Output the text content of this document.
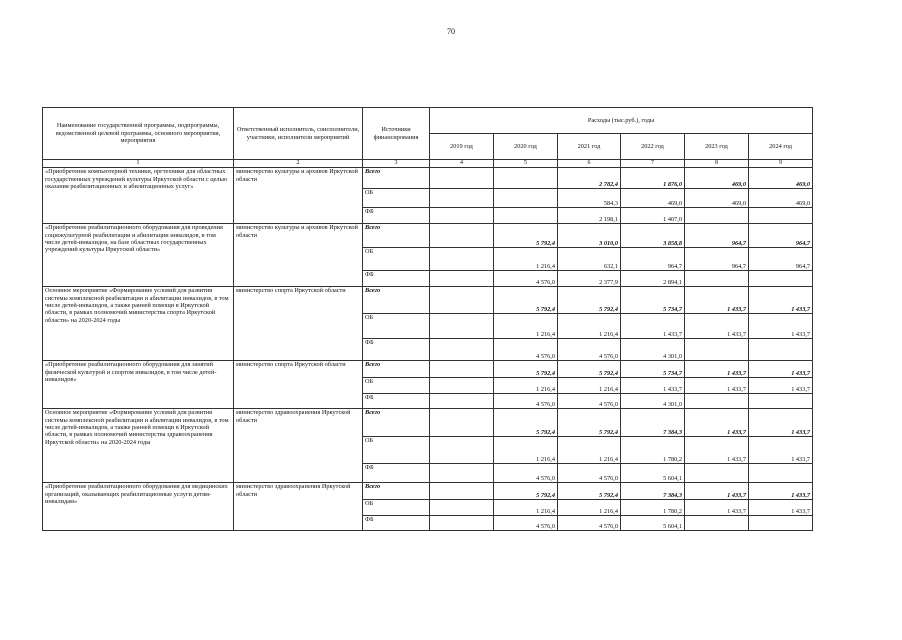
70
Наименование государственной программы, подпрограммы, ведомственной целевой программы, основного мероприятия, мероприятия	Ответственный исполнитель, соисполнители, участники, исполнители мероприятий	Источники финансирования	Расходы (тыс.руб.), годы					
			2019 год	2020 год	2021 год	2022 год	2023 год	2024 год
1	2	3	4	5	6	7	8	9
«Приобретение компьютерной техники, оргтехники для областных государственных учреждений культуры Иркутской области с целью оказания реабилитационных и абилитационных услуг»	министерство культуры и архивов Иркутской области	Всего			2 782,4	1 876,0	469,0	469,0
		ОБ			584,3	469,0	469,0	469,0
		ФБ			2 198,1	1 407,0		
«Приобретение реабилитационного оборудования для проведения социокультурной реабилитации и абилитации инвалидов, в том числе детей-инвалидов, на базе областных государственных учреждений культуры Иркутской области»	министерство культуры и архивов Иркутской области	Всего		5 792,4	3 010,0	3 858,8	964,7	964,7
		ОБ		1 216,4	632,1	964,7	964,7	964,7
		ФБ		4 576,0	2 377,9	2 894,1		
Основное мероприятие «Формирование условий для развития системы комплексной реабилитации и абилитации инвалидов, в том числе детей-инвалидов, а также ранней помощи в Иркутской области, в рамках полномочий министерства спорта Иркутской области» на 2020-2024 годы	министерство спорта Иркутской области	Всего		5 792,4	5 792,4	5 734,7	1 433,7	1 433,7
		ОБ		1 216,4	1 216,4	1 433,7	1 433,7	1 433,7
		ФБ		4 576,0	4 576,0	4 301,0		
«Приобретение реабилитационного оборудования для занятий физической культурой и спортом инвалидов, в том числе детей-инвалидов»	министерство спорта Иркутской области	Всего		5 792,4	5 792,4	5 734,7	1 433,7	1 433,7
		ОБ		1 216,4	1 216,4	1 433,7	1 433,7	1 433,7
		ФБ		4 576,0	4 576,0	4 301,0		
Основное мероприятие «Формирование условий для развития системы комплексной реабилитации и абилитации инвалидов, в том числе детей-инвалидов, а также ранней помощи в Иркутской области, в рамках полномочий министерства здравоохранения Иркутской области» на 2020-2024 годы	министерство здравоохранения Иркутской области	Всего		5 792,4	5 792,4	7 384,3	1 433,7	1 433,7
		ОБ		1 216,4	1 216,4	1 780,2	1 433,7	1 433,7
		ФБ		4 576,0	4 576,0	5 604,1		
«Приобретение реабилитационного оборудования для медицинских организаций, оказывающих реабилитационные услуги детям-инвалидам»	министерство здравоохранения Иркутской области	Всего		5 792,4	5 792,4	7 384,3	1 433,7	1 433,7
		ОБ		1 216,4	1 216,4	1 780,2	1 433,7	1 433,7
		ФБ		4 576,0	4 576,0	5 604,1		
